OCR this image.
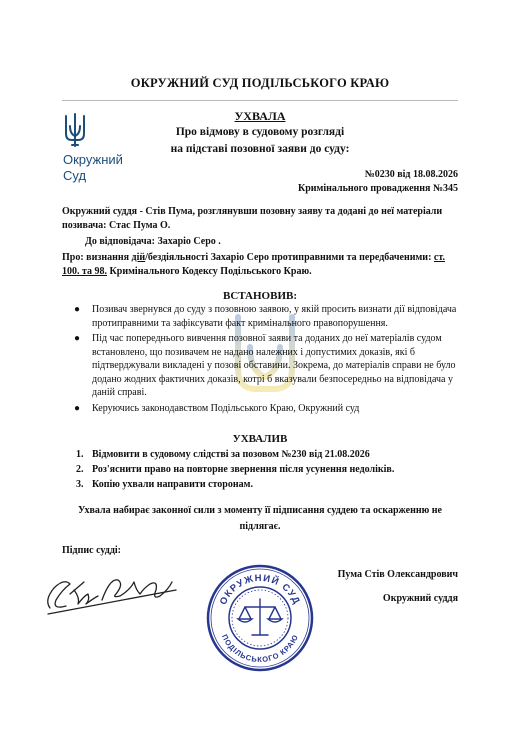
ОКРУЖНИЙ СУД ПОДІЛЬСЬКОГО КРАЮ
Окружний
Суд
УХВАЛА
Про відмову в судовому розгляді
на підставі позовної заяви до суду:
№0230 від 18.08.2026
Кримінального провадження №345
Окружний суддя - Стів Пума, розглянувши позовну заяву та додані до неї матеріали позивача: Стас Пума О.
До відповідача: Захаріо Серо .
Про: визнання дій/бездіяльності Захаріо Серо протиправними та передбаченими: ст. 100. та 98. Кримінального Кодексу Подільського Краю.
ВСТАНОВИВ:
● Позивач звернувся до суду з позовною заявою, у якій просить визнати дії відповідача протиправними та зафіксувати факт кримінального правопорушення.
● Під час попереднього вивчення позовної заяви та доданих до неї матеріалів судом встановлено, що позивачем не надано належних і допустимих доказів, які б підтверджували викладені у позові обставини. Зокрема, до матеріалів справи не було додано жодних фактичних доказів, котрі б вказували безпосередньо на відповідача у даній справі.
● Керуючись законодавством Подільського Краю, Окружний суд
УХВАЛИВ
1. Відмовити в судовому слідстві за позовом №230 від 21.08.2026
2. Роз'яснити право на повторне звернення після усунення недоліків.
3. Копію ухвали направити сторонам.
Ухвала набирає законної сили з моменту її підписання суддею та оскарженню не підлягає.
Підпис судді:
ОКРУЖНИЙ СУД
ПОДІЛЬСЬКОГО КРАЮ
Пума Стів Олександрович
Окружний суддя
